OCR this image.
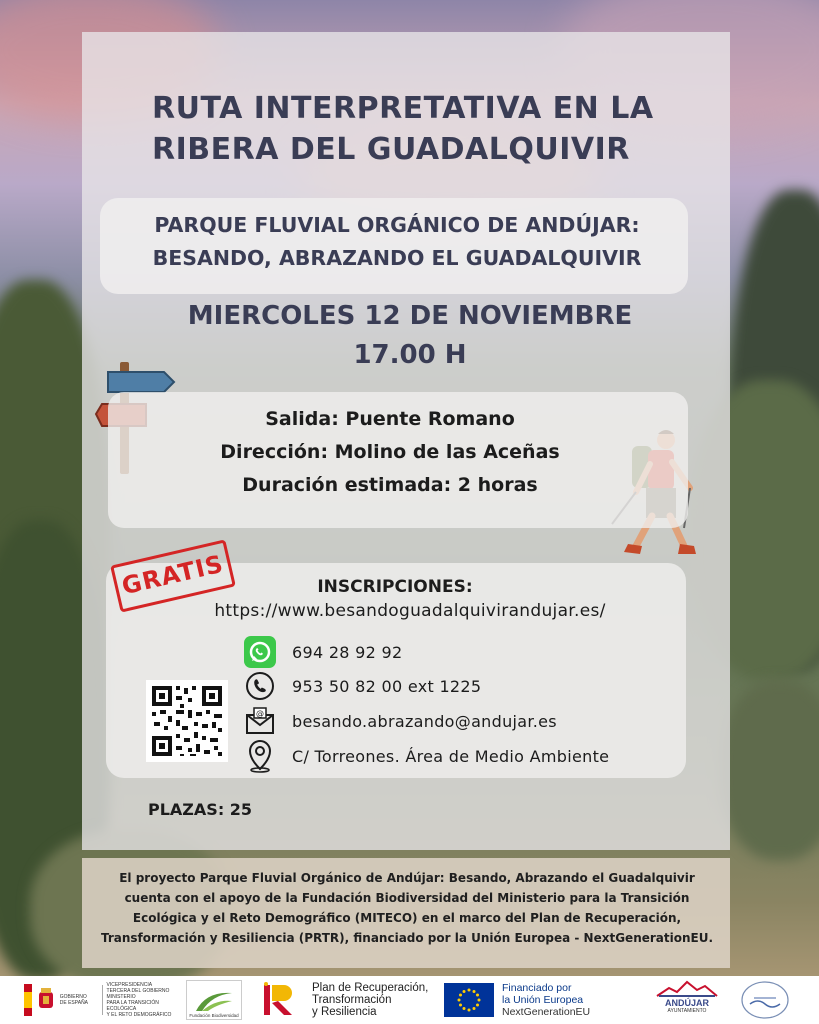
RUTA INTERPRETATIVA EN LA
RIBERA DEL GUADALQUIVIR
PARQUE FLUVIAL ORGÁNICO DE ANDÚJAR:
BESANDO, ABRAZANDO EL GUADALQUIVIR
MIERCOLES 12 DE NOVIEMBRE
17.00 H
Salida: Puente Romano
Dirección: Molino de las Aceñas
Duración estimada: 2 horas
GRATIS	INSCRIPCIONES:
https://www.besandoguadalquivirandujar.es/
694 28 92 92
953 50 82 00 ext 1225
@ besando.abrazando@andujar.es
C/ Torreones. Área de Medio Ambiente
PLAZAS: 25
El proyecto Parque Fluvial Orgánico de Andújar: Besando, Abrazando el Guadalquivir
cuenta con el apoyo de la Fundación Biodiversidad del Ministerio para la Transición
Ecológica y el Reto Demográfico (MITECO) en el marco del Plan de Recuperación,
Transformación y Resiliencia (PRTR), financiado por la Unión Europea - NextGenerationEU.
GOBIERNO
DE ESPAÑA
VICEPRESIDENCIA
TERCERA DEL GOBIERNO
MINISTERIO
PARA LA TRANSICIÓN ECOLÓGICA
Y EL RETO DEMOGRÁFICO	Fundación Biodiversidad
Plan de Recuperación,
Transformación
y Resiliencia
Financiado por
la Unión Europea
NextGenerationEU
ANDÚJAR
AYUNTAMIENTO
